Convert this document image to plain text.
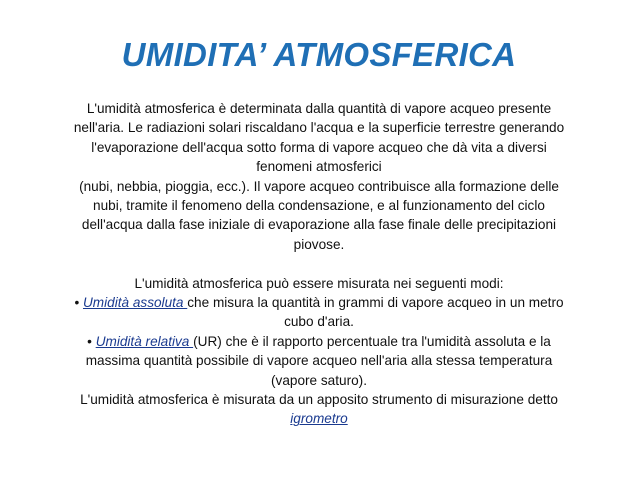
UMIDITA’ ATMOSFERICA

L'umidità atmosferica è determinata dalla quantità di vapore acqueo presente nell'aria. Le radiazioni solari riscaldano l'acqua e la superficie terrestre generando l'evaporazione dell'acqua sotto forma di vapore acqueo che dà vita a diversi fenomeni atmosferici

(nubi, nebbia, pioggia, ecc.). Il vapore acqueo contribuisce alla formazione delle nubi, tramite il fenomeno della condensazione, e al funzionamento del ciclo dell'acqua dalla fase iniziale di evaporazione alla fase finale delle precipitazioni piovose.

L'umidità atmosferica può essere misurata nei seguenti modi:

• Umidità assoluta che misura la quantità in grammi di vapore acqueo in un metro cubo d'aria.

• Umidità relativa (UR) che è il rapporto percentuale tra l'umidità assoluta e la massima quantità possibile di vapore acqueo nell'aria alla stessa temperatura (vapore saturo).

L'umidità atmosferica è misurata da un apposito strumento di misurazione detto igrometro
